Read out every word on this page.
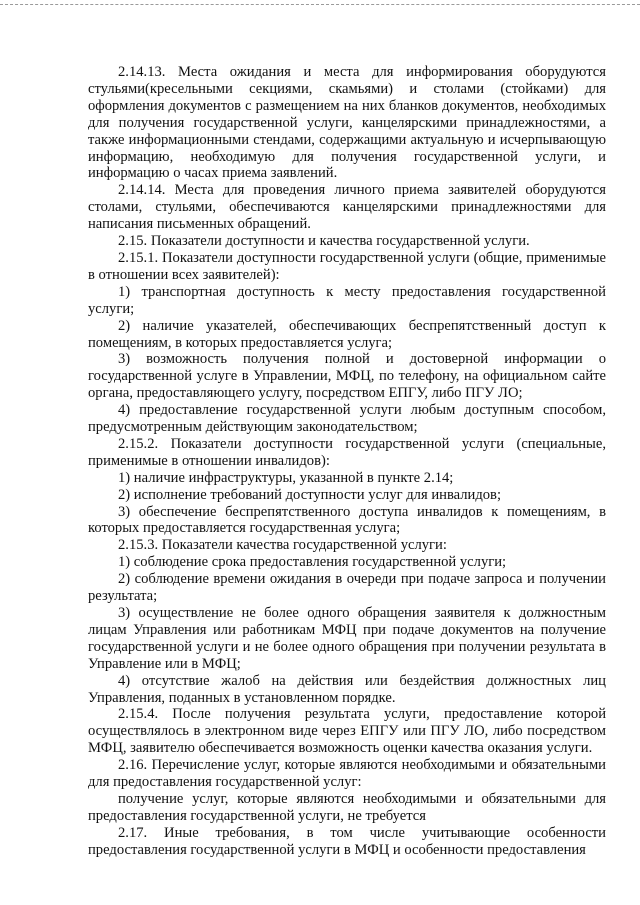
2.14.13. Места ожидания и места для информирования оборудуются стульями(кресельными секциями, скамьями) и столами (стойками) для оформления документов с размещением на них бланков документов, необходимых для получения государственной услуги, канцелярскими принадлежностями, а также информационными стендами, содержащими актуальную и исчерпывающую информацию, необходимую для получения государственной услуги, и информацию о часах приема заявлений.

2.14.14. Места для проведения личного приема заявителей оборудуются столами, стульями, обеспечиваются канцелярскими принадлежностями для написания письменных обращений.

2.15. Показатели доступности и качества государственной услуги.

2.15.1. Показатели доступности государственной услуги (общие, применимые в отношении всех заявителей):

1) транспортная доступность к месту предоставления государственной услуги;

2) наличие указателей, обеспечивающих беспрепятственный доступ к помещениям, в которых предоставляется услуга;

3) возможность получения полной и достоверной информации о государственной услуге в Управлении, МФЦ, по телефону, на официальном сайте органа, предоставляющего услугу, посредством ЕПГУ, либо ПГУ ЛО;

4) предоставление государственной услуги любым доступным способом, предусмотренным действующим законодательством;

2.15.2. Показатели доступности государственной услуги (специальные, применимые в отношении инвалидов):

1) наличие инфраструктуры, указанной в пункте 2.14;

2) исполнение требований доступности услуг для инвалидов;

3) обеспечение беспрепятственного доступа инвалидов к помещениям, в которых предоставляется государственная услуга;

2.15.3. Показатели качества государственной услуги:

1) соблюдение срока предоставления государственной услуги;

2) соблюдение времени ожидания в очереди при подаче запроса и получении результата;

3) осуществление не более одного обращения заявителя к должностным лицам Управления или работникам МФЦ при подаче документов на получение государственной услуги и не более одного обращения при получении результата в Управление или в МФЦ;

4) отсутствие жалоб на действия или бездействия должностных лиц Управления, поданных в установленном порядке.

2.15.4. После получения результата услуги, предоставление которой осуществлялось в электронном виде через ЕПГУ или ПГУ ЛО, либо посредством МФЦ, заявителю обеспечивается возможность оценки качества оказания услуги.

2.16. Перечисление услуг, которые являются необходимыми и обязательными для предоставления государственной услуг:

получение услуг, которые являются необходимыми и обязательными для предоставления государственной услуги, не требуется

2.17. Иные требования, в том числе учитывающие особенности предоставления государственной услуги в МФЦ и особенности предоставления
